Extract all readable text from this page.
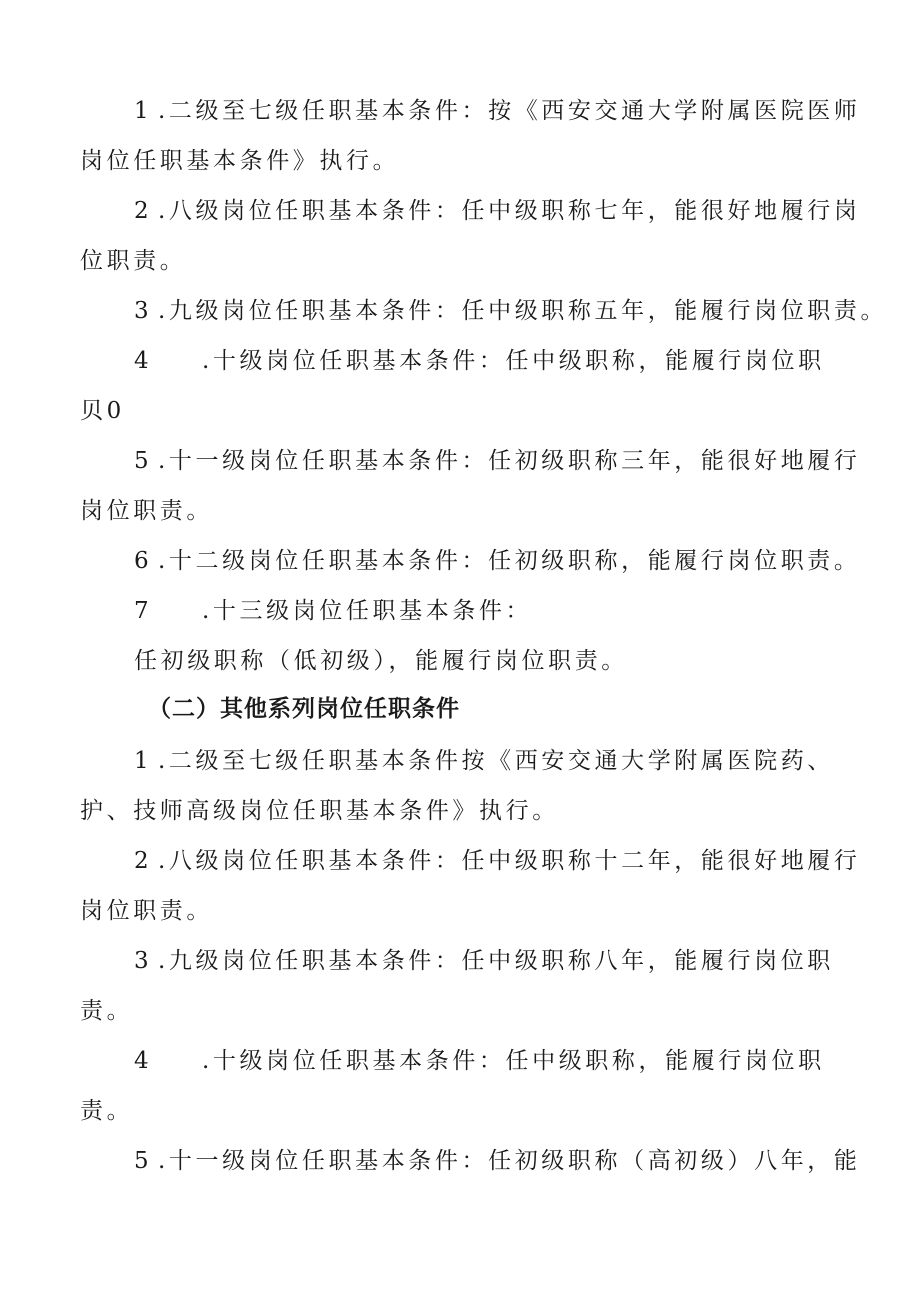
1 .二级至七级任职基本条件：按《西安交通大学附属医院医师
岗位任职基本条件》执行。
2 .八级岗位任职基本条件：任中级职称七年，能很好地履行岗
位职责。
3 .九级岗位任职基本条件：任中级职称五年，能履行岗位职责。
4 .十级岗位任职基本条件：任中级职称，能履行岗位职
贝0
5 .十一级岗位任职基本条件：任初级职称三年，能很好地履行
岗位职责。
6 .十二级岗位任职基本条件：任初级职称，能履行岗位职责。
7 .十三级岗位任职基本条件：
任初级职称（低初级），能履行岗位职责。
（二）其他系列岗位任职条件
1 .二级至七级任职基本条件按《西安交通大学附属医院药、
护、技师高级岗位任职基本条件》执行。
2 .八级岗位任职基本条件：任中级职称十二年，能很好地履行
岗位职责。
3 .九级岗位任职基本条件：任中级职称八年，能履行岗位职
责。
4 .十级岗位任职基本条件：任中级职称，能履行岗位职
责。
5 .十一级岗位任职基本条件：任初级职称（高初级）八年，能
